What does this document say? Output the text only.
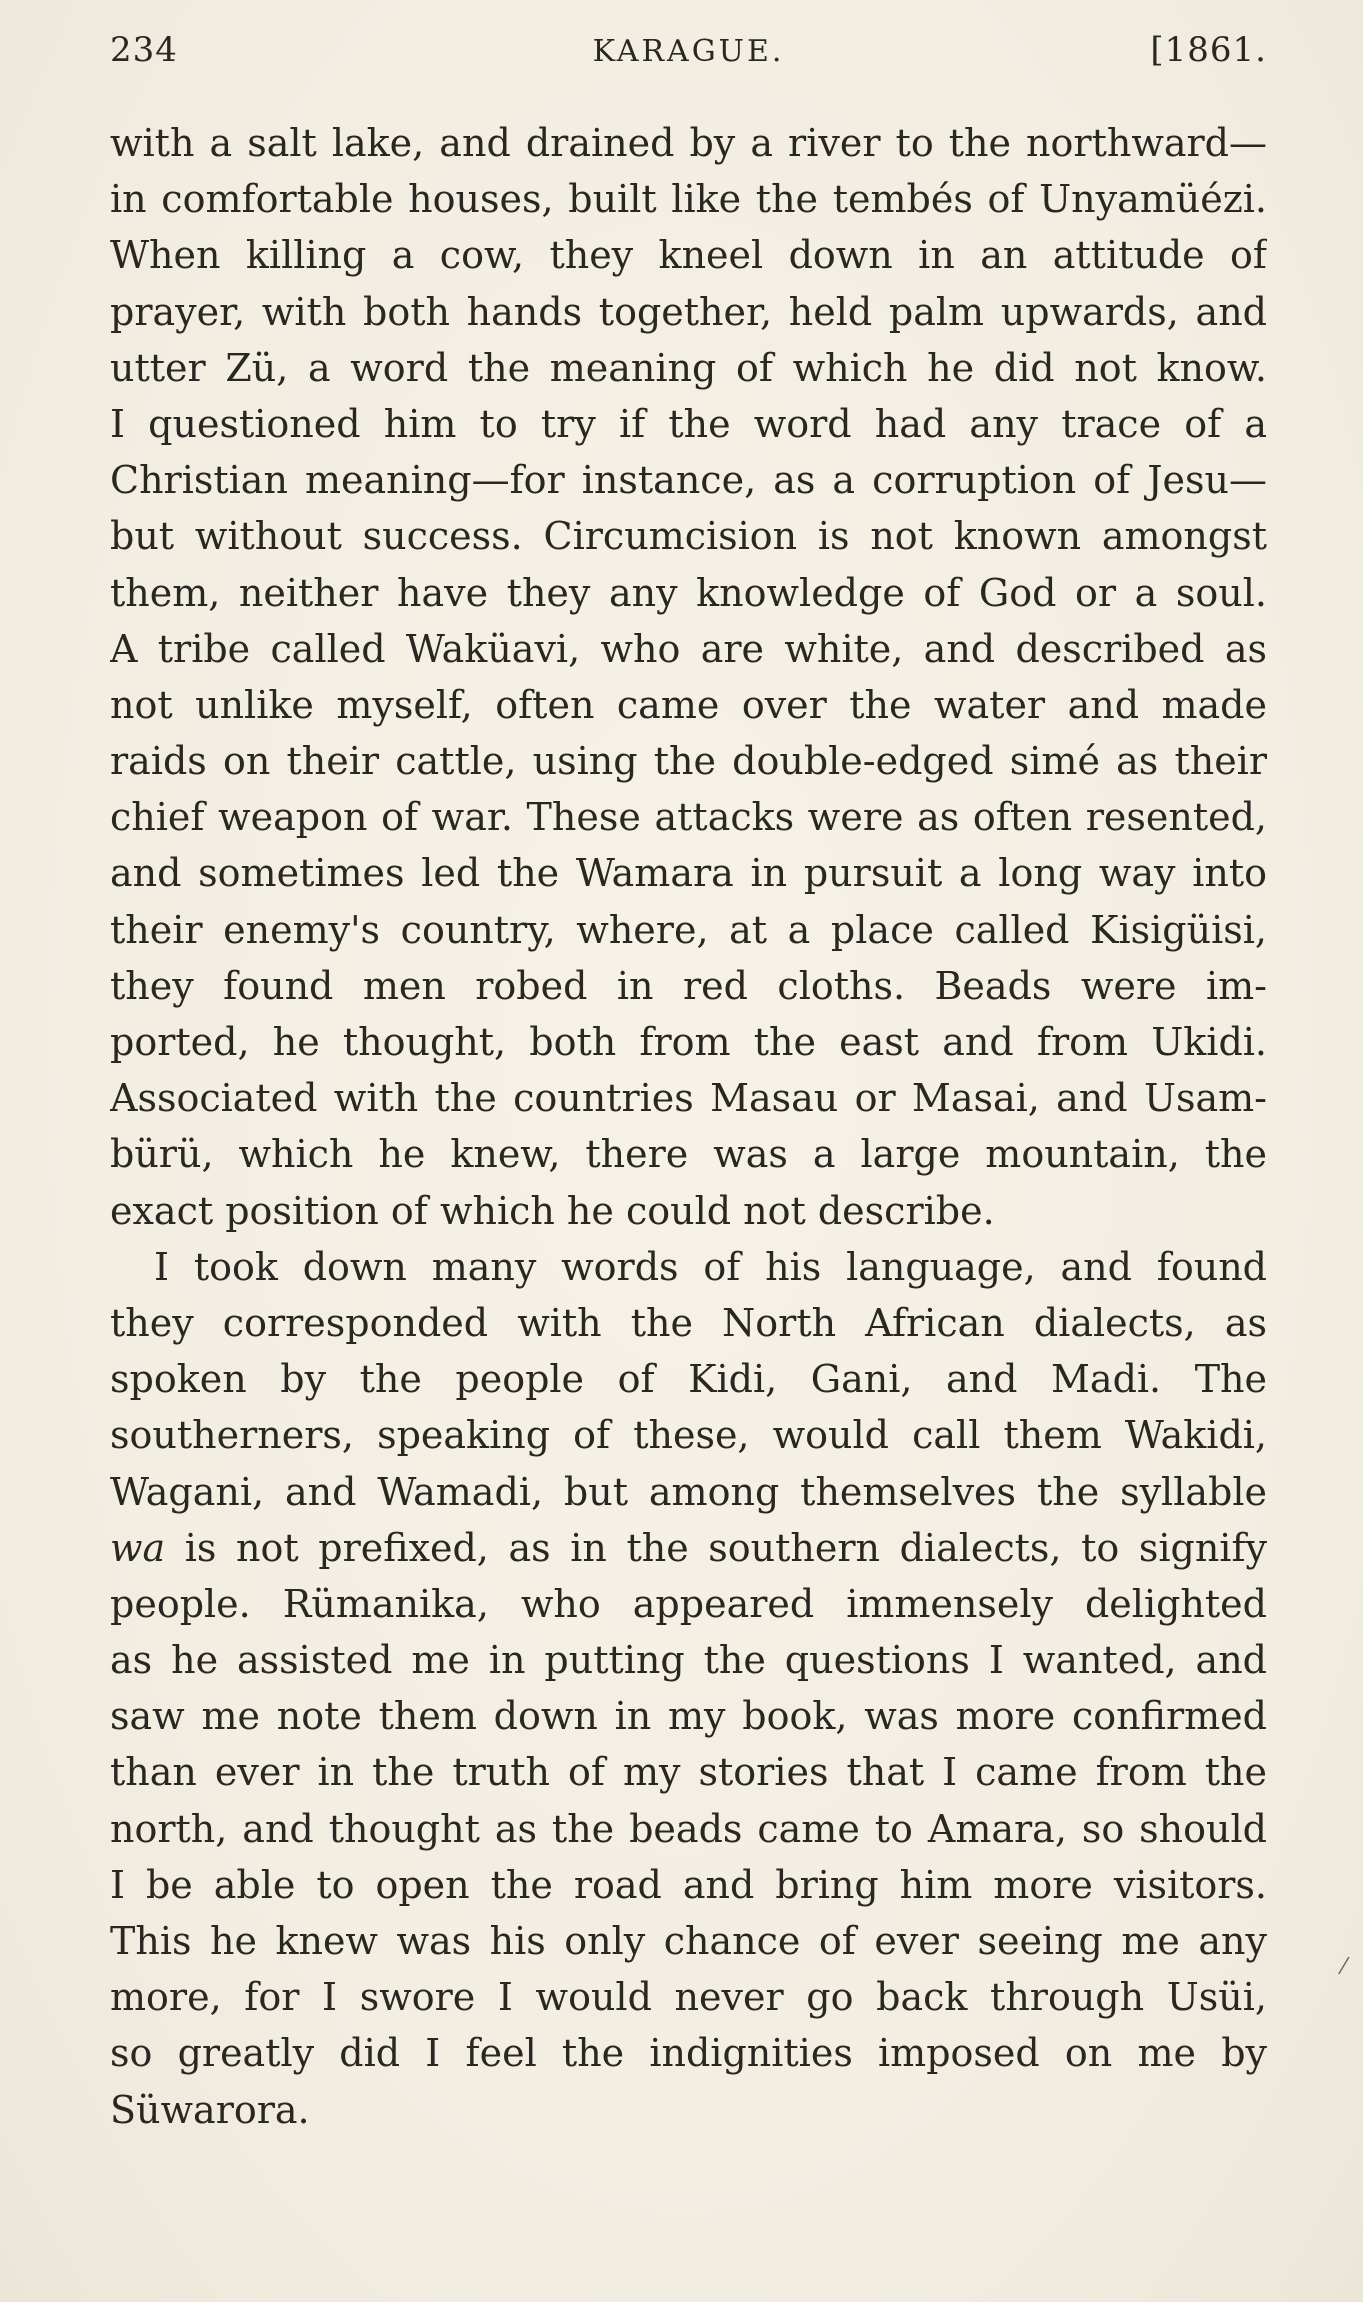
234	KARAGUE.	[1861.
with a salt lake, and drained by a river to the northward—
in comfortable houses, built like the tembés of Unyamüézi.
When killing a cow, they kneel down in an attitude of
prayer, with both hands together, held palm upwards, and
utter Zü, a word the meaning of which he did not know.
I questioned him to try if the word had any trace of a
Christian meaning—for instance, as a corruption of Jesu—
but without success. Circumcision is not known amongst
them, neither have they any knowledge of God or a soul.
A tribe called Waküavi, who are white, and described as
not unlike myself, often came over the water and made
raids on their cattle, using the double-edged simé as their
chief weapon of war. These attacks were as often resented,
and sometimes led the Wamara in pursuit a long way into
their enemy's country, where, at a place called Kisigüisi,
they found men robed in red cloths. Beads were im-
ported, he thought, both from the east and from Ukidi.
Associated with the countries Masau or Masai, and Usam-
bürü, which he knew, there was a large mountain, the
exact position of which he could not describe.
I took down many words of his language, and found
they corresponded with the North African dialects, as
spoken by the people of Kidi, Gani, and Madi. The
southerners, speaking of these, would call them Wakidi,
Wagani, and Wamadi, but among themselves the syllable
wa is not prefixed, as in the southern dialects, to signify
people. Rümanika, who appeared immensely delighted
as he assisted me in putting the questions I wanted, and
saw me note them down in my book, was more confirmed
than ever in the truth of my stories that I came from the
north, and thought as the beads came to Amara, so should
I be able to open the road and bring him more visitors.
This he knew was his only chance of ever seeing me any
more, for I swore I would never go back through Usüi,
so greatly did I feel the indignities imposed on me by
Süwarora.
⁄
